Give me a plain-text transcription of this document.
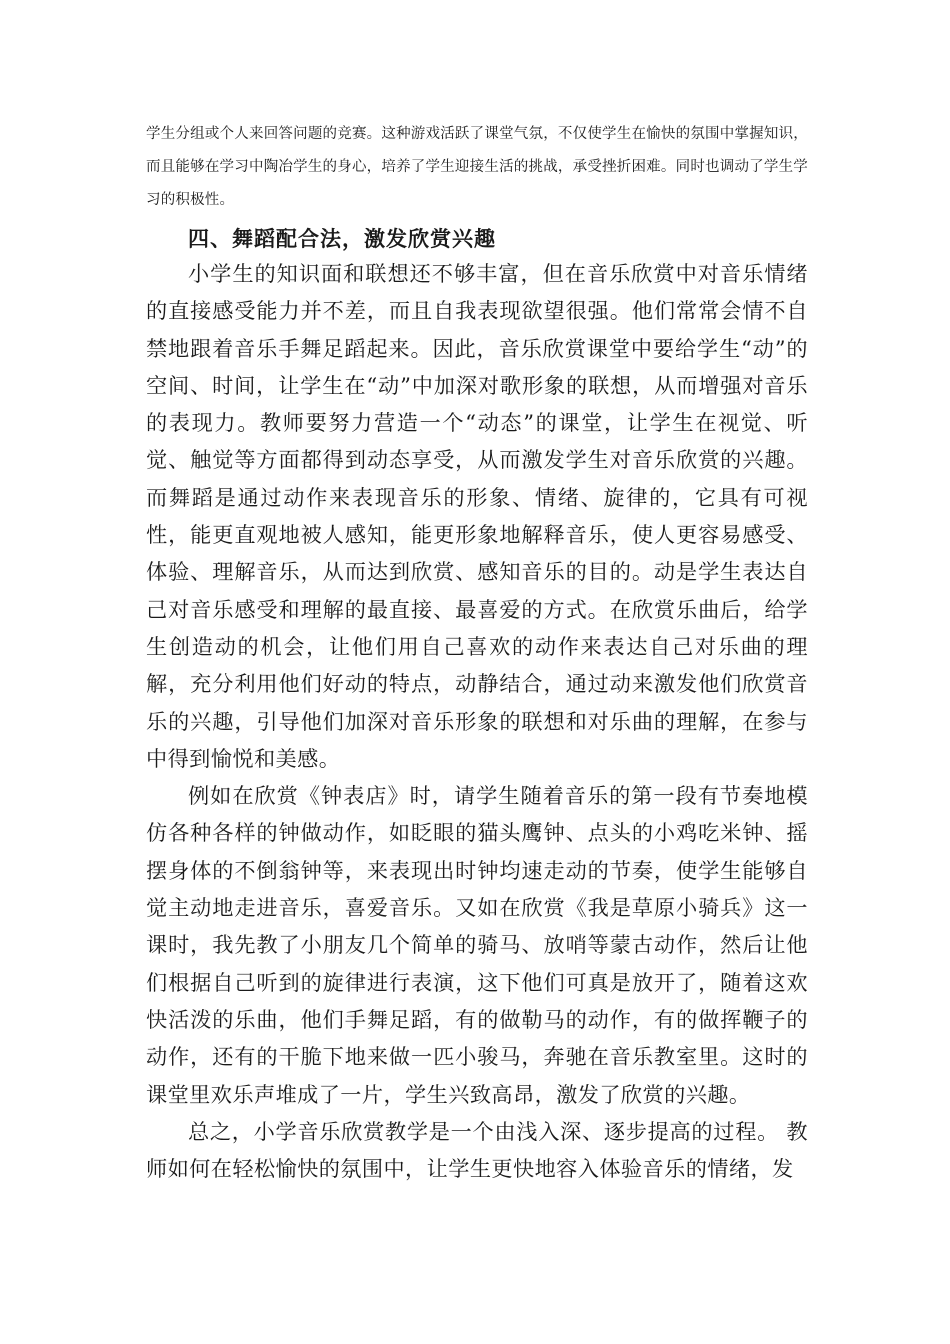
学生分组或个人来回答问题的竞赛。这种游戏活跃了课堂气氛，不仅使学生在愉快的氛围中掌握知识，而且能够在学习中陶冶学生的身心，培养了学生迎接生活的挑战，承受挫折困难。同时也调动了学生学习的积极性。

四、舞蹈配合法，激发欣赏兴趣

小学生的知识面和联想还不够丰富，但在音乐欣赏中对音乐情绪的直接感受能力并不差，而且自我表现欲望很强。他们常常会情不自禁地跟着音乐手舞足蹈起来。因此，音乐欣赏课堂中要给学生“动”的空间、时间，让学生在“动”中加深对歌形象的联想，从而增强对音乐的表现力。教师要努力营造一个“动态”的课堂，让学生在视觉、听觉、触觉等方面都得到动态享受，从而激发学生对音乐欣赏的兴趣。而舞蹈是通过动作来表现音乐的形象、情绪、旋律的，它具有可视性，能更直观地被人感知，能更形象地解释音乐，使人更容易感受、体验、理解音乐，从而达到欣赏、感知音乐的目的。动是学生表达自己对音乐感受和理解的最直接、最喜爱的方式。在欣赏乐曲后，给学生创造动的机会，让他们用自己喜欢的动作来表达自己对乐曲的理解，充分利用他们好动的特点，动静结合，通过动来激发他们欣赏音乐的兴趣，引导他们加深对音乐形象的联想和对乐曲的理解，在参与中得到愉悦和美感。

例如在欣赏《钟表店》时，请学生随着音乐的第一段有节奏地模仿各种各样的钟做动作，如眨眼的猫头鹰钟、点头的小鸡吃米钟、摇摆身体的不倒翁钟等，来表现出时钟均速走动的节奏，使学生能够自觉主动地走进音乐，喜爱音乐。又如在欣赏《我是草原小骑兵》这一课时，我先教了小朋友几个简单的骑马、放哨等蒙古动作，然后让他们根据自己听到的旋律进行表演，这下他们可真是放开了，随着这欢快活泼的乐曲，他们手舞足蹈，有的做勒马的动作，有的做挥鞭子的动作，还有的干脆下地来做一匹小骏马，奔驰在音乐教室里。这时的课堂里欢乐声堆成了一片，学生兴致高昂，激发了欣赏的兴趣。

总之，小学音乐欣赏教学是一个由浅入深、逐步提高的过程。 教师如何在轻松愉快的氛围中，让学生更快地容入体验音乐的情绪，发
